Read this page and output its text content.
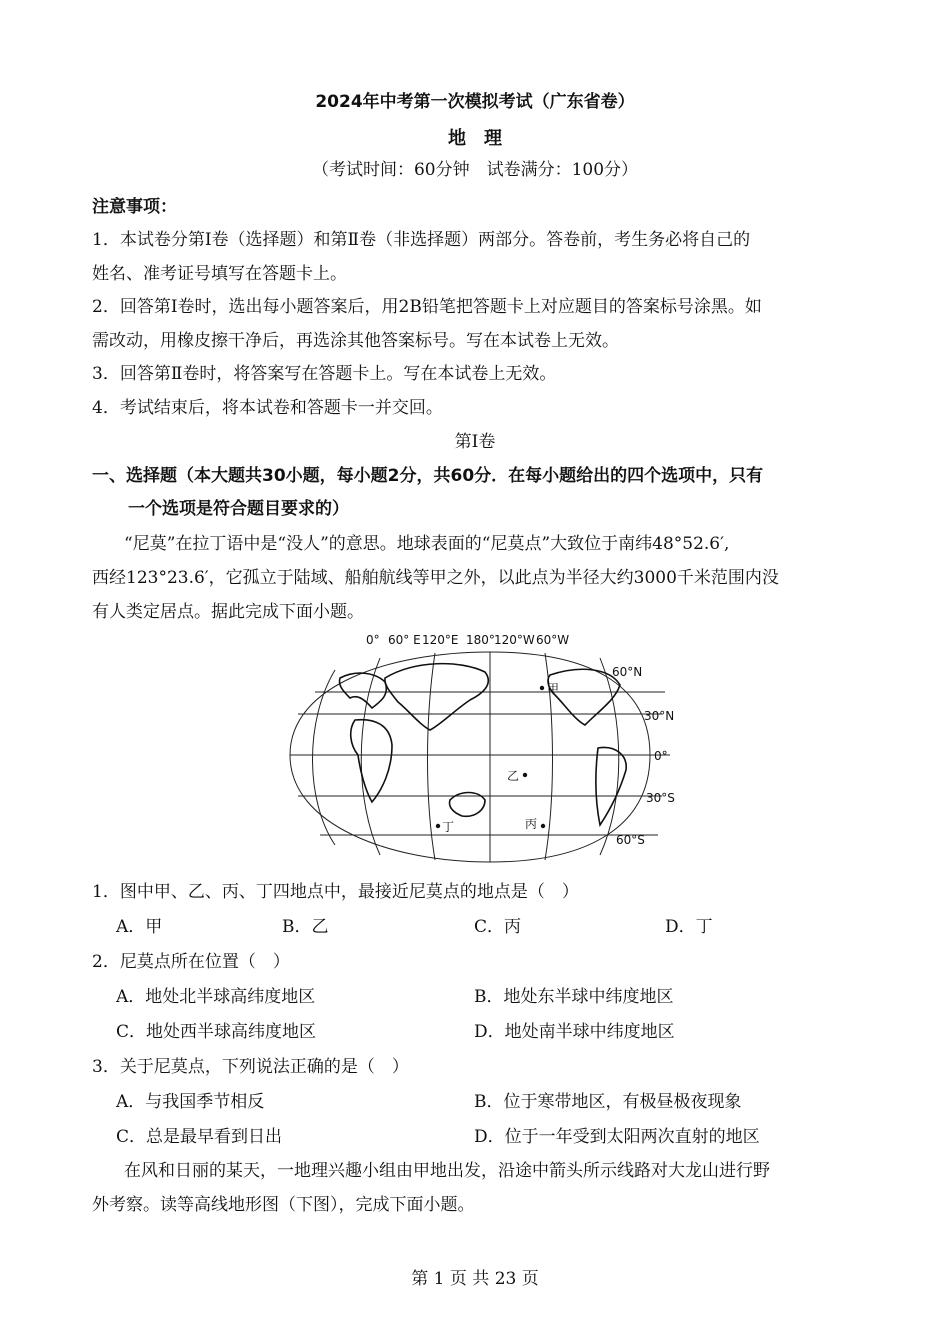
2024年中考第一次模拟考试（广东省卷）
地　理
（考试时间：60分钟　试卷满分：100分）
注意事项：
1．本试卷分第Ⅰ卷（选择题）和第Ⅱ卷（非选择题）两部分。答卷前，考生务必将自己的
姓名、准考证号填写在答题卡上。
2．回答第Ⅰ卷时，选出每小题答案后，用2B铅笔把答题卡上对应题目的答案标号涂黑。如
需改动，用橡皮擦干净后，再选涂其他答案标号。写在本试卷上无效。
3．回答第Ⅱ卷时，将答案写在答题卡上。写在本试卷上无效。
4．考试结束后，将本试卷和答题卡一并交回。
第Ⅰ卷
一、选择题（本大题共30小题，每小题2分，共60分．在每小题给出的四个选项中，只有
一个选项是符合题目要求的）
“尼莫”在拉丁语中是“没人”的意思。地球表面的“尼莫点”大致位于南纬48°52.6′,
西经123°23.6′，它孤立于陆域、船舶航线等甲之外，以此点为半径大约3000千米范围内没
有人类定居点。据此完成下面小题。
0° 60° E 120°E 180° 120°W 60°W
60°N
30°N
0°
30°S
60°S
甲
乙
丙
丁
1．图中甲、乙、丙、丁四地点中，最接近尼莫点的地点是（　）
A．甲	B．乙	C．丙	D．丁
2．尼莫点所在位置（　）
A．地处北半球高纬度地区	B．地处东半球中纬度地区
C．地处西半球高纬度地区	D．地处南半球中纬度地区
3．关于尼莫点，下列说法正确的是（　）
A．与我国季节相反	B．位于寒带地区，有极昼极夜现象
C．总是最早看到日出	D．位于一年受到太阳两次直射的地区
在风和日丽的某天，一地理兴趣小组由甲地出发，沿途中箭头所示线路对大龙山进行野
外考察。读等高线地形图（下图），完成下面小题。
第 1 页 共 23 页
